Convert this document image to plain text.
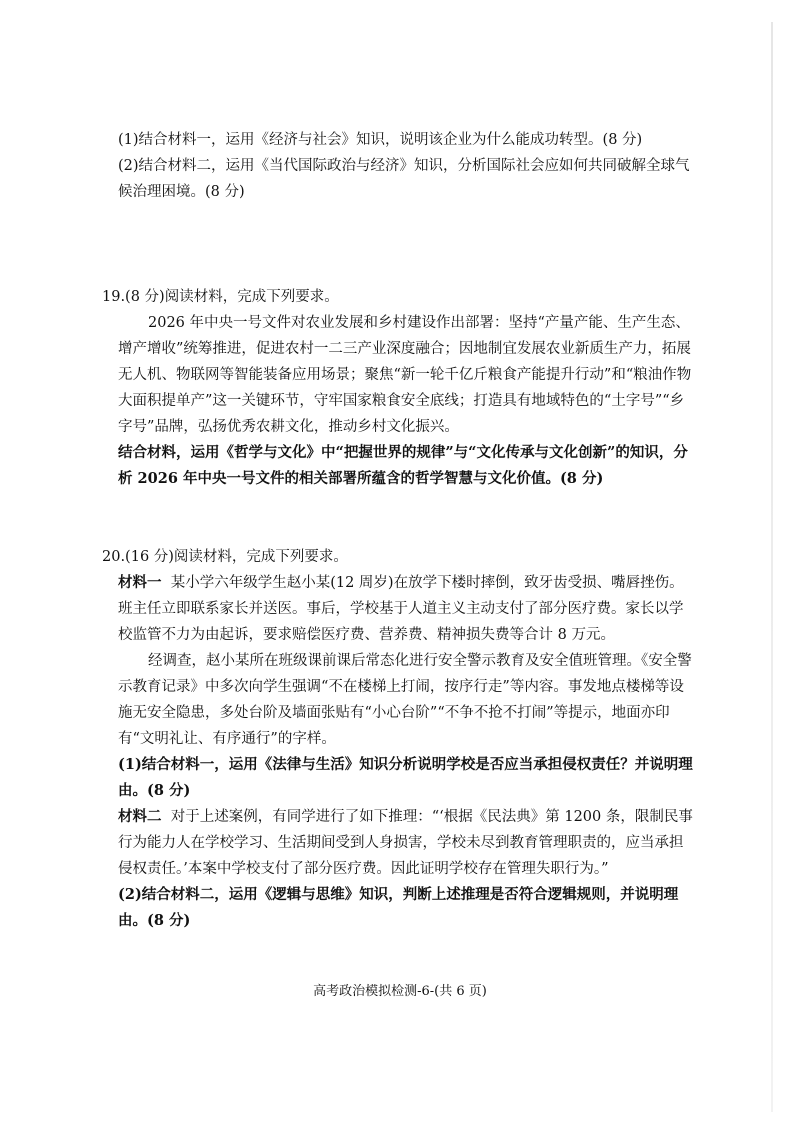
(1)结合材料一，运用《经济与社会》知识，说明该企业为什么能成功转型。(8 分)

(2)结合材料二，运用《当代国际政治与经济》知识，分析国际社会应如何共同破解全球气候治理困境。(8 分)

19.(8 分)阅读材料，完成下列要求。

2026 年中央一号文件对农业发展和乡村建设作出部署：坚持“产量产能、生产生态、增产增收”统筹推进，促进农村一二三产业深度融合；因地制宜发展农业新质生产力，拓展无人机、物联网等智能装备应用场景；聚焦“新一轮千亿斤粮食产能提升行动”和“粮油作物大面积提单产”这一关键环节，守牢国家粮食安全底线；打造具有地域特色的“土字号”“乡字号”品牌，弘扬优秀农耕文化，推动乡村文化振兴。

结合材料，运用《哲学与文化》中“把握世界的规律”与“文化传承与文化创新”的知识，分析 2026 年中央一号文件的相关部署所蕴含的哲学智慧与文化价值。(8 分)

20.(16 分)阅读材料，完成下列要求。

材料一 某小学六年级学生赵小某(12 周岁)在放学下楼时摔倒，致牙齿受损、嘴唇挫伤。班主任立即联系家长并送医。事后，学校基于人道主义主动支付了部分医疗费。家长以学校监管不力为由起诉，要求赔偿医疗费、营养费、精神损失费等合计 8 万元。

经调查，赵小某所在班级课前课后常态化进行安全警示教育及安全值班管理。《安全警示教育记录》中多次向学生强调“不在楼梯上打闹，按序行走”等内容。事发地点楼梯等设施无安全隐患，多处台阶及墙面张贴有“小心台阶”“不争不抢不打闹”等提示，地面亦印有“文明礼让、有序通行”的字样。

(1)结合材料一，运用《法律与生活》知识分析说明学校是否应当承担侵权责任？并说明理由。(8 分)

材料二 对于上述案例，有同学进行了如下推理：“‘根据《民法典》第 1200 条，限制民事行为能力人在学校学习、生活期间受到人身损害，学校未尽到教育管理职责的，应当承担侵权责任。’本案中学校支付了部分医疗费。因此证明学校存在管理失职行为。”

(2)结合材料二，运用《逻辑与思维》知识，判断上述推理是否符合逻辑规则，并说明理由。(8 分)

高考政治模拟检测-6-(共 6 页)
